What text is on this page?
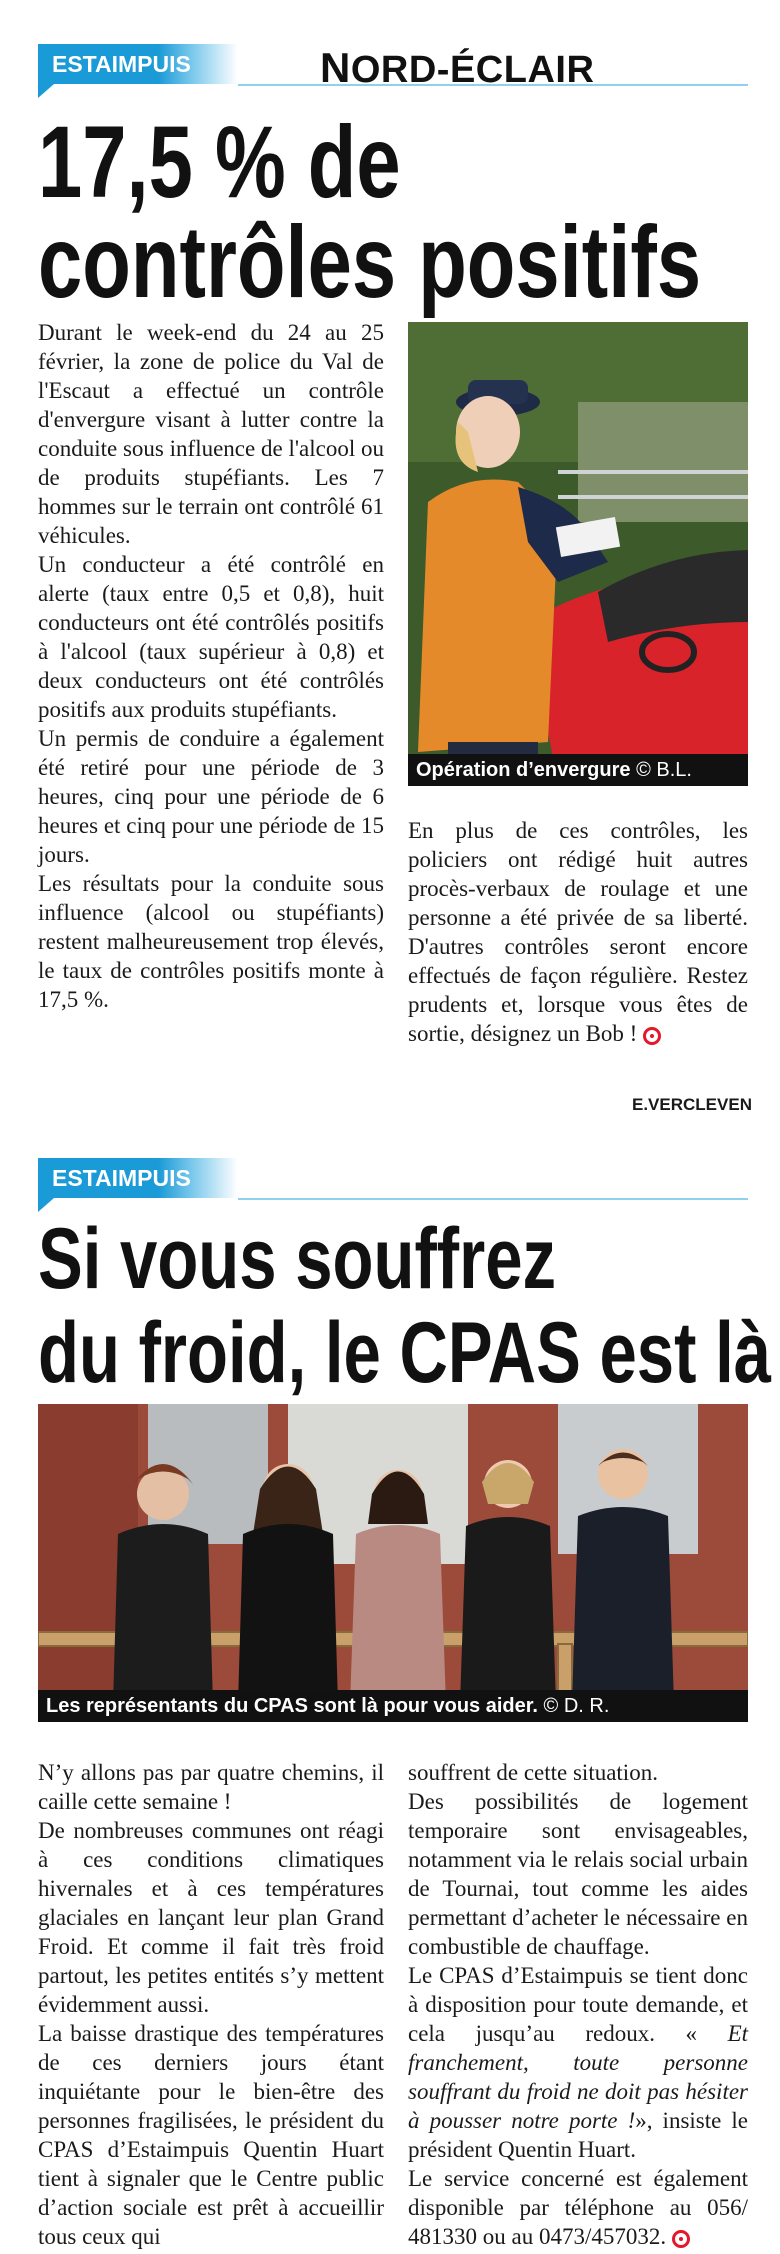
ESTAIMPUIS	NORD-ÉCLAIR
17,5 % de
contrôles positifs

Durant le week-end du 24 au 25 février, la zone de police du Val de l'Escaut a effectué un contrôle d'envergure visant à lutter contre la conduite sous influence de l'alcool ou de produits stupéfiants. Les 7 hommes sur le terrain ont contrôlé 61 véhicules.

Un conducteur a été contrôlé en alerte (taux entre 0,5 et 0,8), huit conducteurs ont été contrôlés positifs à l'alcool (taux supérieur à 0,8) et deux conducteurs ont été contrôlés positifs aux produits stupéfiants.

Un permis de conduire a également été retiré pour une période de 3 heures, cinq pour une période de 6 heures et cinq pour une période de 15 jours.

Les résultats pour la conduite sous influence (alcool ou stupéfiants) restent malheureusement trop élevés, le taux de contrôles positifs monte à 17,5 %.

Opération d’envergure © B.L.

En plus de ces contrôles, les policiers ont rédigé huit autres procès-verbaux de roulage et une personne a été privée de sa liberté. D'autres contrôles seront encore effectués de façon régulière. Restez prudents et, lorsque vous êtes de sortie, désignez un Bob !

E.VERCLEVEN
ESTAIMPUIS
Si vous souffrez
du froid, le CPAS est là
Les représentants du CPAS sont là pour vous aider. © D. R.

N’y allons pas par quatre chemins, il caille cette semaine !

De nombreuses communes ont réagi à ces conditions climatiques hivernales et à ces températures glaciales en lançant leur plan Grand Froid. Et comme il fait très froid partout, les petites entités s’y mettent évidemment aussi.

La baisse drastique des températures de ces derniers jours étant inquiétante pour le bien-être des personnes fragilisées, le président du CPAS d’Estaimpuis Quentin Huart tient à signaler que le Centre public d’action sociale est prêt à accueillir tous ceux qui

souffrent de cette situation.

Des possibilités de logement temporaire sont envisageables, notamment via le relais social urbain de Tournai, tout comme les aides permettant d’acheter le nécessaire en combustible de chauffage.

Le CPAS d’Estaimpuis se tient donc à disposition pour toute demande, et cela jusqu’au redoux. « Et franchement, toute personne souffrant du froid ne doit pas hésiter à pousser notre porte !», insiste le président Quentin Huart.

Le service concerné est également disponible par téléphone au 056/ 481330 ou au 0473/457032.
